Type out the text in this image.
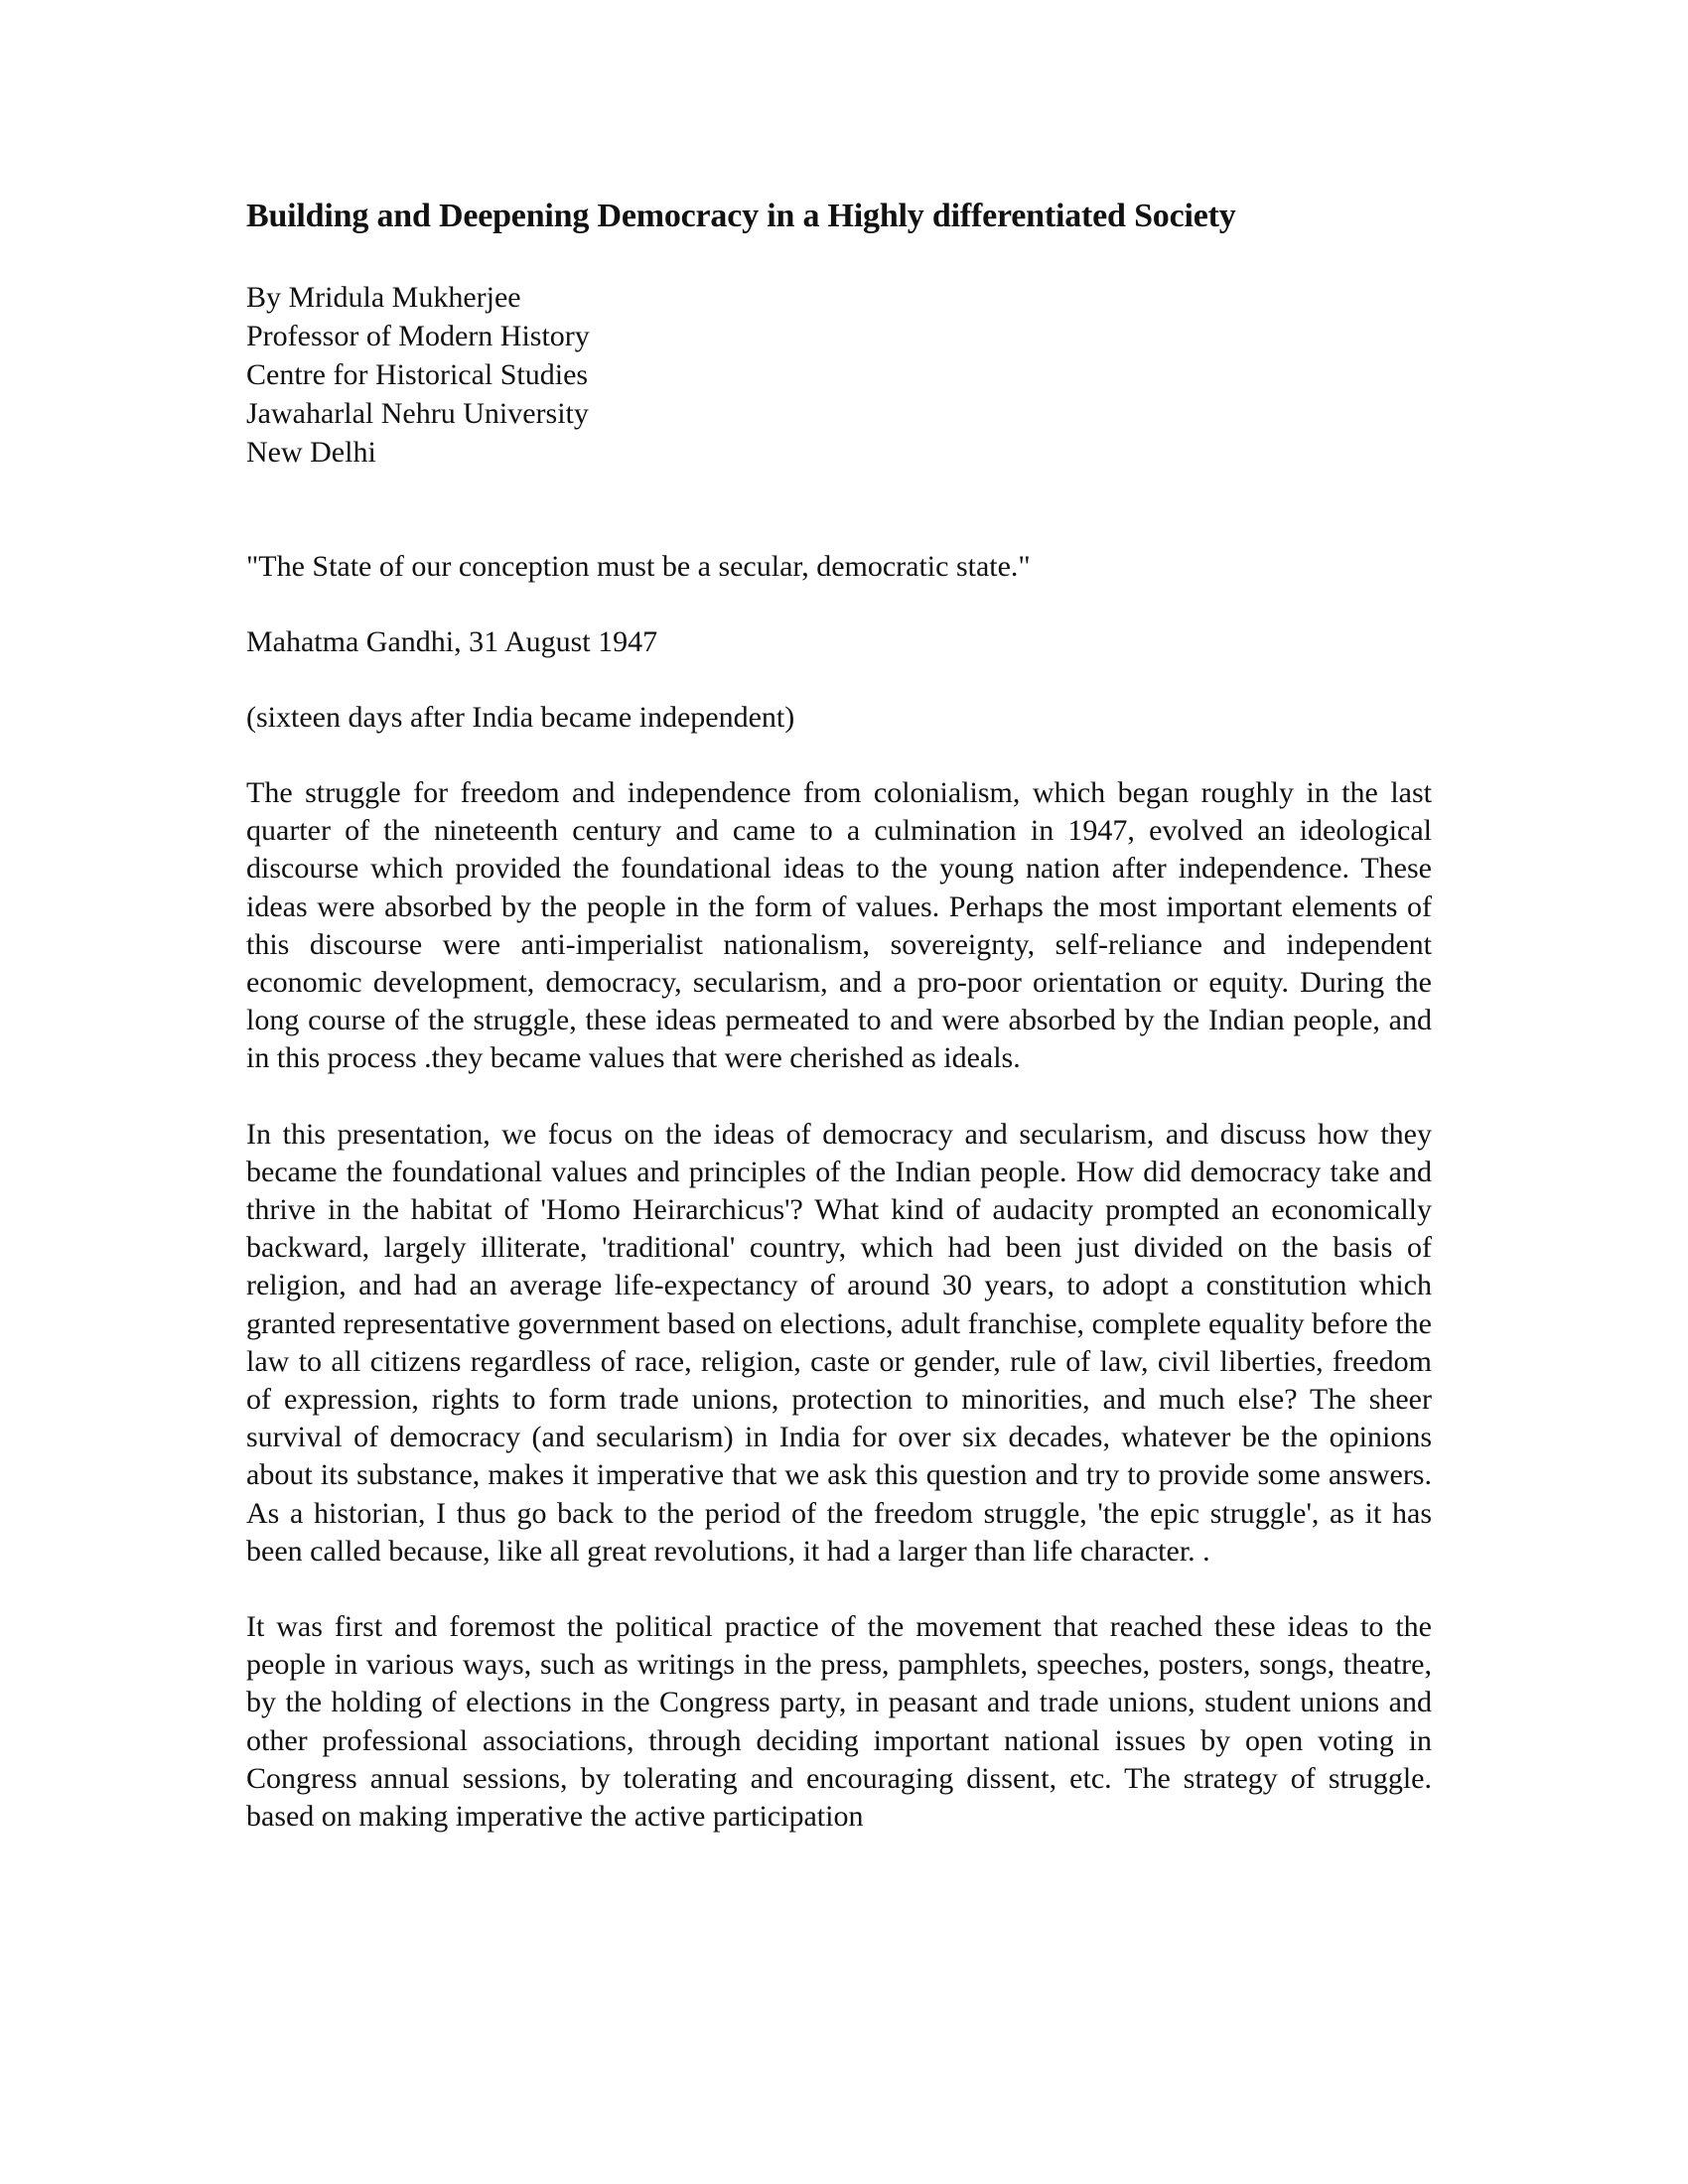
Building and Deepening Democracy in a Highly differentiated Society
By Mridula Mukherjee
Professor of Modern History
Centre for Historical Studies
Jawaharlal Nehru University
New Delhi
"The State of our conception must be a secular, democratic state."
Mahatma Gandhi, 31 August 1947
(sixteen days after India became independent)

The struggle for freedom and independence from colonialism, which began roughly in the last quarter of the nineteenth century and came to a culmination in 1947, evolved an ideological discourse which provided the foundational ideas to the young nation after independence. These ideas were absorbed by the people in the form of values. Perhaps the most important elements of this discourse were anti-imperialist nationalism, sovereignty, self-reliance and independent economic development, democracy, secularism, and a pro-poor orientation or equity. During the long course of the struggle, these ideas permeated to and were absorbed by the Indian people, and in this process .they became values that were cherished as ideals.

In this presentation, we focus on the ideas of democracy and secularism, and discuss how they became the foundational values and principles of the Indian people. How did democracy take and thrive in the habitat of 'Homo Heirarchicus'? What kind of audacity prompted an economically backward, largely illiterate, 'traditional' country, which had been just divided on the basis of religion, and had an average life-expectancy of around 30 years, to adopt a constitution which granted representative government based on elections, adult franchise, complete equality before the law to all citizens regardless of race, religion, caste or gender, rule of law, civil liberties, freedom of expression, rights to form trade unions, protection to minorities, and much else? The sheer survival of democracy (and secularism) in India for over six decades, whatever be the opinions about its substance, makes it imperative that we ask this question and try to provide some answers. As a historian, I thus go back to the period of the freedom struggle, 'the epic struggle', as it has been called because, like all great revolutions, it had a larger than life character. .

It was first and foremost the political practice of the movement that reached these ideas to the people in various ways, such as writings in the press, pamphlets, speeches, posters, songs, theatre, by the holding of elections in the Congress party, in peasant and trade unions, student unions and other professional associations, through deciding important national issues by open voting in Congress annual sessions, by tolerating and encouraging dissent, etc. The strategy of struggle. based on making imperative the active participation
